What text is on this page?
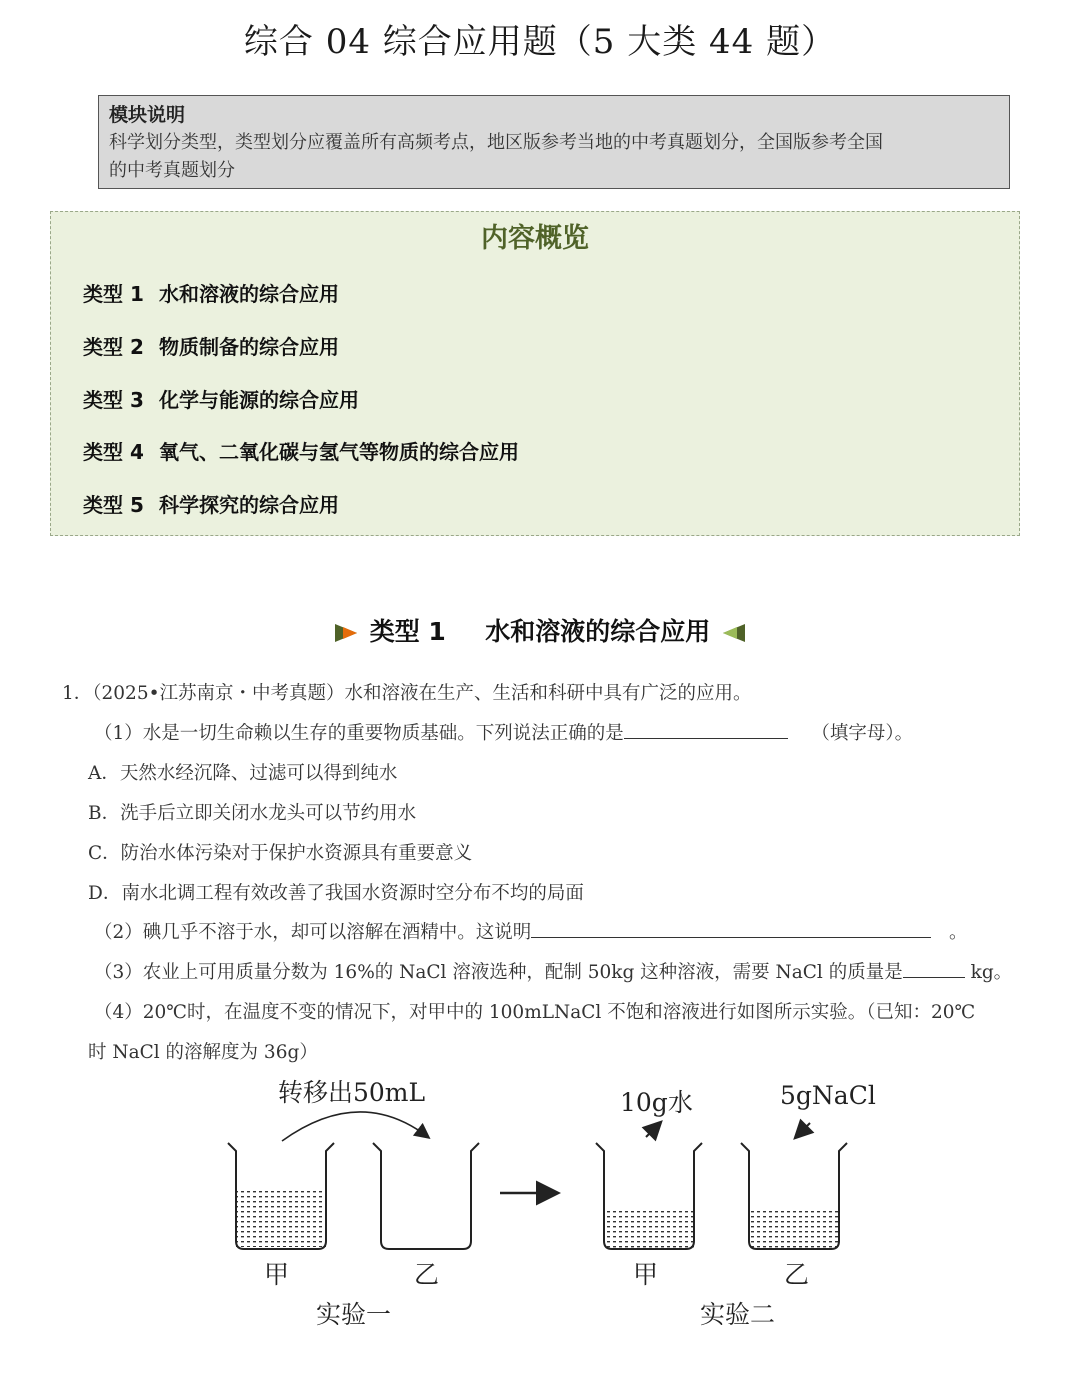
综合 04 综合应用题（5 大类 44 题）
模块说明
科学划分类型，类型划分应覆盖所有高频考点，地区版参考当地的中考真题划分，全国版参考全国
的中考真题划分
内容概览
类型 1 水和溶液的综合应用
类型 2 物质制备的综合应用
类型 3 化学与能源的综合应用
类型 4 氧气、二氧化碳与氢气等物质的综合应用
类型 5 科学探究的综合应用
类型 1 水和溶液的综合应用
1．（2025•江苏南京・中考真题）水和溶液在生产、生活和科研中具有广泛的应用。
（1）水是一切生命赖以生存的重要物质基础。下列说法正确的是	（填字母）。
A．天然水经沉降、过滤可以得到纯水
B．洗手后立即关闭水龙头可以节约用水
C．防治水体污染对于保护水资源具有重要意义
D．南水北调工程有效改善了我国水资源时空分布不均的局面
（2）碘几乎不溶于水，却可以溶解在酒精中。这说明	。
（3）农业上可用质量分数为 16%的 NaCl 溶液选种，配制 50kg 这种溶液，需要 NaCl 的质量是	kg。
（4）20℃时，在温度不变的情况下，对甲中的 100mLNaCl 不饱和溶液进行如图所示实验。（已知：20℃
时 NaCl 的溶解度为 36g）
转移出50mL	10g水	5gNaCl
甲	乙	甲	乙
实验一	实验二
